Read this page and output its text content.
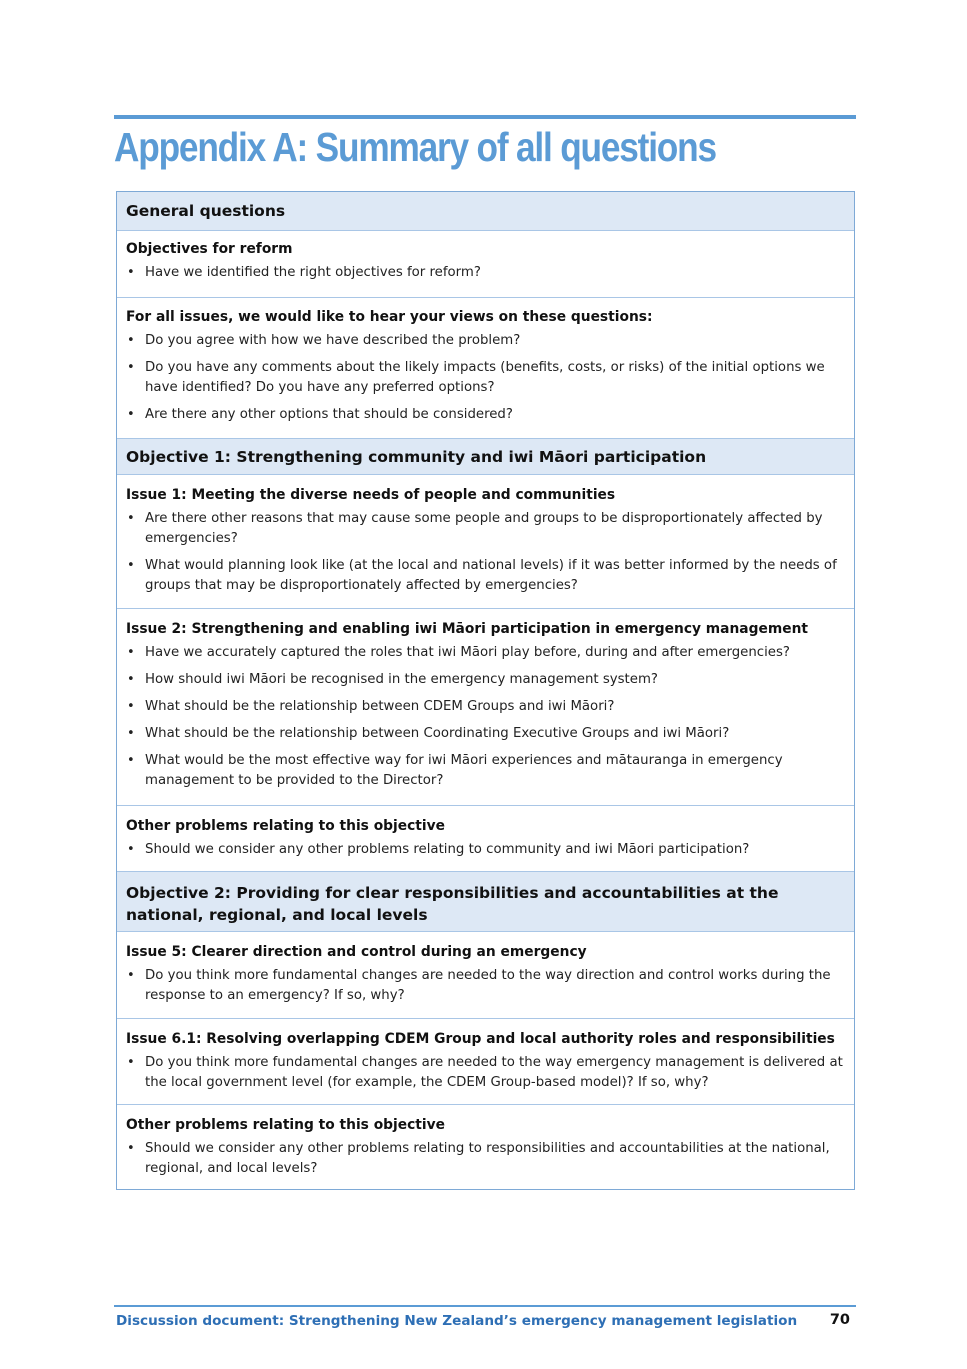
Appendix A: Summary of all questions
General questions

Objectives for reform

• Have we identified the right objectives for reform?

For all issues, we would like to hear your views on these questions:

• Do you agree with how we have described the problem?
• Do you have any comments about the likely impacts (benefits, costs, or risks) of the initial options we have identified? Do you have any preferred options?
• Are there any other options that should be considered?
Objective 1: Strengthening community and iwi Māori participation

Issue 1: Meeting the diverse needs of people and communities

• Are there other reasons that may cause some people and groups to be disproportionately affected by emergencies?
• What would planning look like (at the local and national levels) if it was better informed by the needs of groups that may be disproportionately affected by emergencies?

Issue 2: Strengthening and enabling iwi Māori participation in emergency management

• Have we accurately captured the roles that iwi Māori play before, during and after emergencies?
• How should iwi Māori be recognised in the emergency management system?
• What should be the relationship between CDEM Groups and iwi Māori?
• What should be the relationship between Coordinating Executive Groups and iwi Māori?
• What would be the most effective way for iwi Māori experiences and mātauranga in emergency management to be provided to the Director?

Other problems relating to this objective

• Should we consider any other problems relating to community and iwi Māori participation?
Objective 2: Providing for clear responsibilities and accountabilities at the national, regional, and local levels

Issue 5: Clearer direction and control during an emergency

• Do you think more fundamental changes are needed to the way direction and control works during the response to an emergency? If so, why?

Issue 6.1: Resolving overlapping CDEM Group and local authority roles and responsibilities

• Do you think more fundamental changes are needed to the way emergency management is delivered at the local government level (for example, the CDEM Group-based model)? If so, why?

Other problems relating to this objective

• Should we consider any other problems relating to responsibilities and accountabilities at the national, regional, and local levels?
Discussion document: Strengthening New Zealand’s emergency management legislation 70
